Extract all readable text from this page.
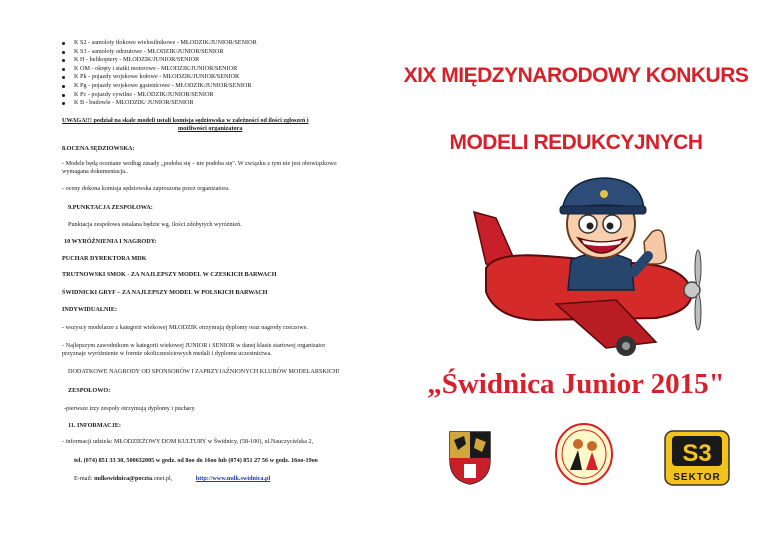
K S2 - samoloty tłokowe wielosilnikowe - MŁODZIK/JUNIOR/SENIOR
K S3 - samoloty odrzutowe - MŁODZIK/JUNIOR/SENIOR
K H - helikoptery - MŁODZIK/JUNIOR/SENIOR
K OM - okręty i statki motorowe - MŁODZIK/JUNIOR/SENIOR
K Pk - pojazdy wojskowe kołowe - MŁODZIK/JUNIOR/SENIOR
K Pg - pojazdy wojskowe gąsienicowe - MŁODZIK/JUNIOR/SENIOR
K Pc - pojazdy cywilne - MŁODZIK/JUNIOR/SENIOR
K B - budowle - MŁODZIK/ JUNIOR/SENIOR
UWAGA!!! podział na skale modeli ustali komisja sędziowska w zależności od ilości zgłoszeń i
możliwości organizatora
8.OCENA SĘDZIOWSKA:
- Modele będą oceniane według zasady „podoba się – nie podoba się". W związku z tym nie jest obowiązkowo
wymagana dokumentacja..
- oceny dokona komisja sędziowska zaproszona przez organizatora.
9.PUNKTACJA ZESPOŁOWA:
Punktacja zespołowa ustalana będzie wg. ilości zdobytych wyróżnień.
10 WYRÓŻNIENIA I NAGRODY:
PUCHAR DYREKTORA MDK
TRUTNOWSKI SMOK - ZA NAJLEPSZY MODEL W CZESKICH BARWACH
ŚWIDNICKI GRYF – ZA NAJLEPSZY MODEL W POLSKICH BARWACH
INDYWIDUALNIE:
- wszyscy modelarze z kategorii wiekowej MŁODZIK otrzymują dyplomy oraz nagrody rzeczowe.
- Najlepszym zawodnikom w kategorii wiekowej JUNIOR i SENIOR w danej klasie startowej organizator
przyznaje wyróżnienie w formie okolicznościowych medali i dyplomu uczestnictwa.
DODATKOWE NAGRODY OD SPONSORÓW I ZAPRZYJAŹNIONYCH KLUBÓW MODELARSKICH!
ZESPOŁOWO:
-pierwsze trzy zespoły otrzymują dyplomy i puchary.
11. INFORMACJE:
- informacji udziela: MŁODZIEŻOWY DOM KULTURY w Świdnicy, (58-100), ul.Nauczycielska 2,
tel. (074) 851 33 30, 500632005 w godz. od 8oo do 16oo lub (074) 851 27 56 w godz. 16oo-19oo
E-mail: mdkswidnica@poczta.onet.pl,	http://www.mdk.swidnica.pl
XIX MIĘDZYNARODOWY KONKURS
MODELI REDUKCYJNYCH
„Świdnica Junior 2015"
S3
SEKTOR
